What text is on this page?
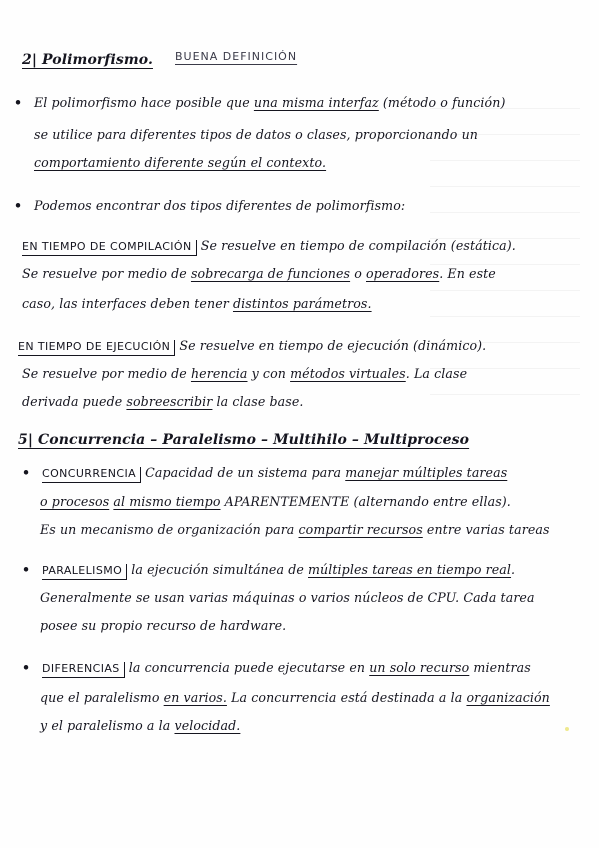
2| Polimorfismo. BUENA DEFINICIÓN
• El polimorfismo hace posible que una misma interfaz (método o función)
se utilice para diferentes tipos de datos o clases, proporcionando un
comportamiento diferente según el contexto.
• Podemos encontrar dos tipos diferentes de polimorfismo:
EN TIEMPO DE COMPILACIÓN Se resuelve en tiempo de compilación (estática).
Se resuelve por medio de sobrecarga de funciones o operadores. En este
caso, las interfaces deben tener distintos parámetros.
EN TIEMPO DE EJECUCIÓN Se resuelve en tiempo de ejecución (dinámico).
Se resuelve por medio de herencia y con métodos virtuales. La clase
derivada puede sobreescribir la clase base.
5| Concurrencia – Paralelismo – Multihilo – Multiproceso
• CONCURRENCIA Capacidad de un sistema para manejar múltiples tareas
o procesos al mismo tiempo APARENTEMENTE (alternando entre ellas).
Es un mecanismo de organización para compartir recursos entre varias tareas
• PARALELISMO la ejecución simultánea de múltiples tareas en tiempo real.
Generalmente se usan varias máquinas o varios núcleos de CPU. Cada tarea
posee su propio recurso de hardware.
• DIFERENCIAS la concurrencia puede ejecutarse en un solo recurso mientras
que el paralelismo en varios. La concurrencia está destinada a la organización
y el paralelismo a la velocidad.
